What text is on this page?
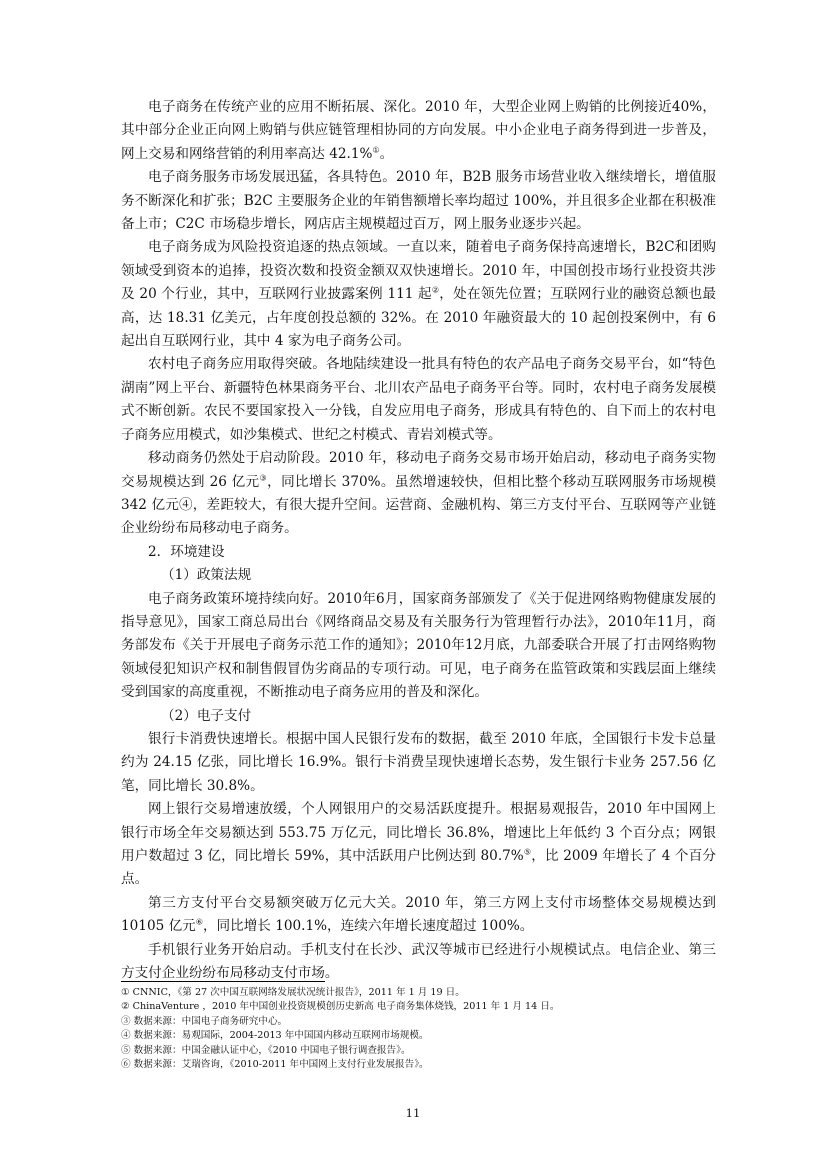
电子商务在传统产业的应用不断拓展、深化。2010 年，大型企业网上购销的比例接近40%，其中部分企业正向网上购销与供应链管理相协同的方向发展。中小企业电子商务得到进一步普及，网上交易和网络营销的利用率高达 42.1%①。

电子商务服务市场发展迅猛，各具特色。2010 年，B2B 服务市场营业收入继续增长，增值服务不断深化和扩张；B2C 主要服务企业的年销售额增长率均超过 100%，并且很多企业都在积极准备上市；C2C 市场稳步增长，网店店主规模超过百万，网上服务业逐步兴起。

电子商务成为风险投资追逐的热点领域。一直以来，随着电子商务保持高速增长，B2C和团购领域受到资本的追捧，投资次数和投资金额双双快速增长。2010 年，中国创投市场行业投资共涉及 20 个行业，其中，互联网行业披露案例 111 起②，处在领先位置；互联网行业的融资总额也最高，达 18.31 亿美元，占年度创投总额的 32%。在 2010 年融资最大的 10 起创投案例中，有 6 起出自互联网行业，其中 4 家为电子商务公司。

农村电子商务应用取得突破。各地陆续建设一批具有特色的农产品电子商务交易平台，如“特色湖南”网上平台、新疆特色林果商务平台、北川农产品电子商务平台等。同时，农村电子商务发展模式不断创新。农民不要国家投入一分钱，自发应用电子商务，形成具有特色的、自下而上的农村电子商务应用模式，如沙集模式、世纪之村模式、青岩刘模式等。

移动商务仍然处于启动阶段。2010 年，移动电子商务交易市场开始启动，移动电子商务实物交易规模达到 26 亿元③，同比增长 370%。虽然增速较快，但相比整个移动互联网服务市场规模 342 亿元④，差距较大，有很大提升空间。运营商、金融机构、第三方支付平台、互联网等产业链企业纷纷布局移动电子商务。

2．环境建设

（1）政策法规

电子商务政策环境持续向好。2010年6月，国家商务部颁发了《关于促进网络购物健康发展的指导意见》，国家工商总局出台《网络商品交易及有关服务行为管理暂行办法》，2010年11月，商务部发布《关于开展电子商务示范工作的通知》；2010年12月底，九部委联合开展了打击网络购物领域侵犯知识产权和制售假冒伪劣商品的专项行动。可见，电子商务在监管政策和实践层面上继续受到国家的高度重视，不断推动电子商务应用的普及和深化。

（2）电子支付

银行卡消费快速增长。根据中国人民银行发布的数据，截至 2010 年底，全国银行卡发卡总量约为 24.15 亿张，同比增长 16.9%。银行卡消费呈现快速增长态势，发生银行卡业务 257.56 亿笔，同比增长 30.8%。

网上银行交易增速放缓，个人网银用户的交易活跃度提升。根据易观报告，2010 年中国网上银行市场全年交易额达到 553.75 万亿元，同比增长 36.8%，增速比上年低约 3 个百分点；网银用户数超过 3 亿，同比增长 59%，其中活跃用户比例达到 80.7%⑤，比 2009 年增长了 4 个百分点。

第三方支付平台交易额突破万亿元大关。2010 年，第三方网上支付市场整体交易规模达到10105 亿元⑥，同比增长 100.1%，连续六年增长速度超过 100%。

手机银行业务开始启动。手机支付在长沙、武汉等城市已经进行小规模试点。电信企业、第三方支付企业纷纷布局移动支付市场。

① CNNIC，《第 27 次中国互联网络发展状况统计报告》，2011 年 1 月 19 日。
② ChinaVenture ，2010 年中国创业投资规模创历史新高 电子商务集体烧钱，2011 年 1 月 14 日。
③ 数据来源：中国电子商务研究中心。
④ 数据来源：易观国际，2004-2013 年中国国内移动互联网市场规模。
⑤ 数据来源：中国金融认证中心，《2010 中国电子银行调查报告》。
⑥ 数据来源：艾瑞咨询，《2010-2011 年中国网上支付行业发展报告》。
11
